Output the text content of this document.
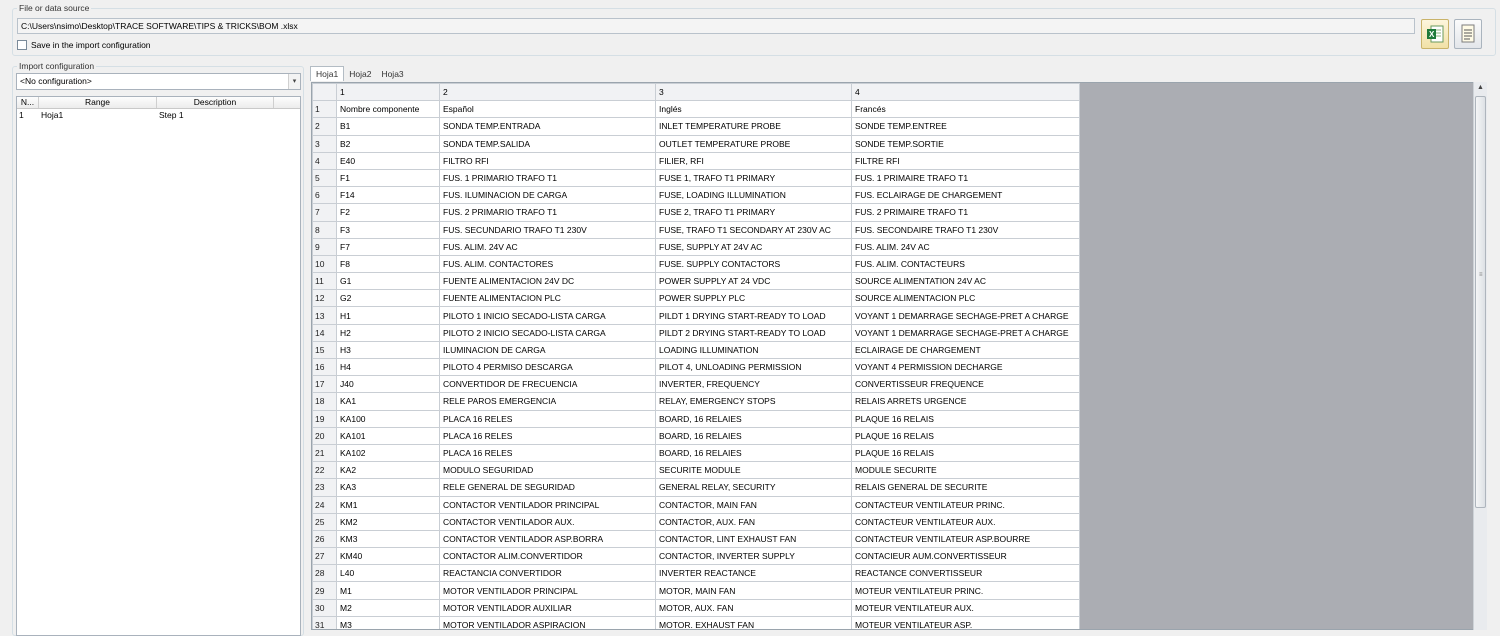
File or data source
C:\Users\nsimo\Desktop\TRACE SOFTWARE\TIPS & TRICKS\BOM .xlsx
Save in the import configuration
X
Import configuration
<No configuration>	▾
N...	Range	Description
1	Hoja1	Step 1
Hoja1	Hoja2	Hoja3
	1	2	3	4
1	Nombre componente	Español	Inglés	Francés
2	B1	SONDA TEMP.ENTRADA	INLET TEMPERATURE PROBE	SONDE TEMP.ENTREE
3	B2	SONDA TEMP.SALIDA	OUTLET TEMPERATURE PROBE	SONDE TEMP.SORTIE
4	E40	FILTRO RFI	FILIER, RFI	FILTRE RFI
5	F1	FUS. 1 PRIMARIO TRAFO T1	FUSE 1, TRAFO T1 PRIMARY	FUS. 1 PRIMAIRE TRAFO T1
6	F14	FUS. ILUMINACION DE CARGA	FUSE, LOADING ILLUMINATION	FUS. ECLAIRAGE DE CHARGEMENT
7	F2	FUS. 2 PRIMARIO TRAFO T1	FUSE 2, TRAFO T1 PRIMARY	FUS. 2 PRIMAIRE TRAFO T1
8	F3	FUS. SECUNDARIO TRAFO T1 230V	FUSE, TRAFO T1 SECONDARY AT 230V AC	FUS. SECONDAIRE TRAFO T1 230V
9	F7	FUS. ALIM. 24V AC	FUSE, SUPPLY AT 24V AC	FUS. ALIM. 24V AC
10	F8	FUS. ALIM. CONTACTORES	FUSE. SUPPLY CONTACTORS	FUS. ALIM. CONTACTEURS
11	G1	FUENTE ALIMENTACION 24V DC	POWER SUPPLY AT 24 VDC	SOURCE ALIMENTATION 24V AC
12	G2	FUENTE ALIMENTACION PLC	POWER SUPPLY PLC	SOURCE ALIMENTACION PLC
13	H1	PILOTO 1 INICIO SECADO-LISTA CARGA	PILDT 1 DRYING START-READY TO LOAD	VOYANT 1 DEMARRAGE SECHAGE-PRET A CHARGE
14	H2	PILOTO 2 INICIO SECADO-LISTA CARGA	PILDT 2 DRYING START-READY TO LOAD	VOYANT 1 DEMARRAGE SECHAGE-PRET A CHARGE
15	H3	ILUMINACION DE CARGA	LOADING ILLUMINATION	ECLAIRAGE DE CHARGEMENT
16	H4	PILOTO 4 PERMISO DESCARGA	PILOT 4, UNLOADING PERMISSION	VOYANT 4 PERMISSION DECHARGE
17	J40	CONVERTIDOR DE FRECUENCIA	INVERTER, FREQUENCY	CONVERTISSEUR FREQUENCE
18	KA1	RELE PAROS EMERGENCIA	RELAY, EMERGENCY STOPS	RELAIS ARRETS URGENCE
19	KA100	PLACA 16 RELES	BOARD, 16 RELAIES	PLAQUE 16 RELAIS
20	KA101	PLACA 16 RELES	BOARD, 16 RELAIES	PLAQUE 16 RELAIS
21	KA102	PLACA 16 RELES	BOARD, 16 RELAIES	PLAQUE 16 RELAIS
22	KA2	MODULO SEGURIDAD	SECURITE MODULE	MODULE SECURITE
23	KA3	RELE GENERAL DE SEGURIDAD	GENERAL RELAY, SECURITY	RELAIS GENERAL DE SECURITE
24	KM1	CONTACTOR VENTILADOR PRINCIPAL	CONTACTOR, MAIN FAN	CONTACTEUR VENTILATEUR PRINC.
25	KM2	CONTACTOR VENTILADOR AUX.	CONTACTOR, AUX. FAN	CONTACTEUR VENTILATEUR AUX.
26	KM3	CONTACTOR VENTILADOR ASP.BORRA	CONTACTOR, LINT EXHAUST FAN	CONTACTEUR VENTILATEUR ASP.BOURRE
27	KM40	CONTACTOR ALIM.CONVERTIDOR	CONTACTOR, INVERTER SUPPLY	CONTACIEUR AUM.CONVERTISSEUR
28	L40	REACTANCIA CONVERTIDOR	INVERTER REACTANCE	REACTANCE CONVERTISSEUR
29	M1	MOTOR VENTILADOR PRINCIPAL	MOTOR, MAIN FAN	MOTEUR VENTILATEUR PRINC.
30	M2	MOTOR VENTILADOR AUXILIAR	MOTOR, AUX. FAN	MOTEUR VENTILATEUR AUX.
31	M3	MOTOR VENTILADOR ASPIRACION	MOTOR. EXHAUST FAN	MOTEUR VENTILATEUR ASP.
▲
≡
